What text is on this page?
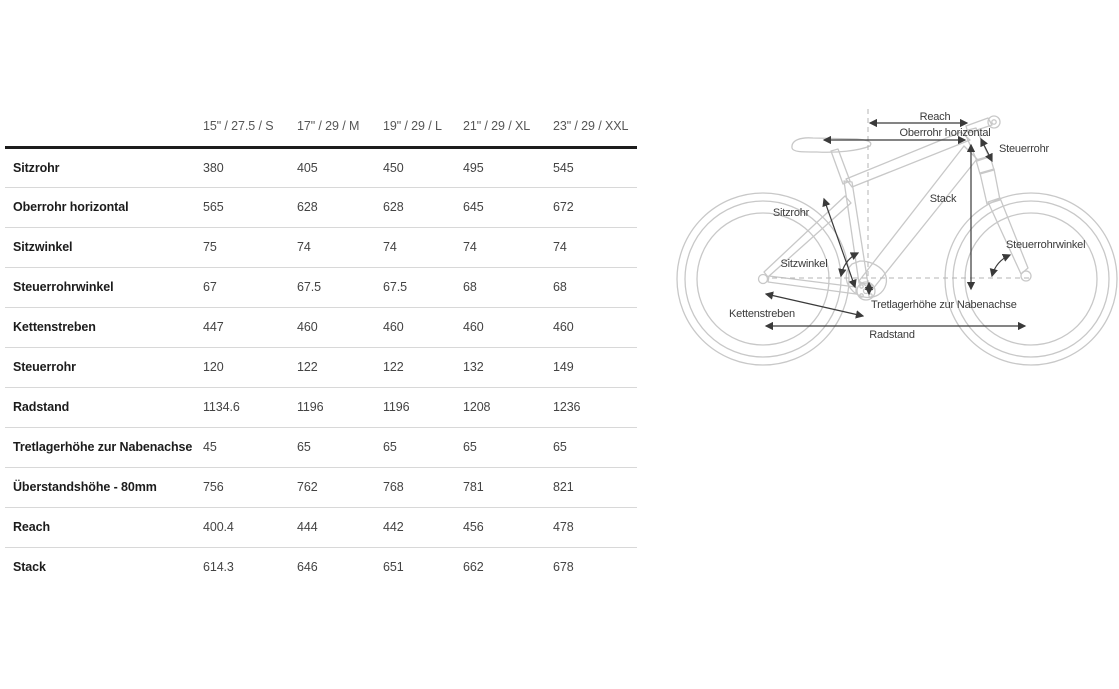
	15" / 27.5 / S	17" / 29 / M	19" / 29 / L	21" / 29 / XL	23" / 29 / XXL
Sitzrohr	380	405	450	495	545
Oberrohr horizontal	565	628	628	645	672
Sitzwinkel	75	74	74	74	74
Steuerrohrwinkel	67	67.5	67.5	68	68
Kettenstreben	447	460	460	460	460
Steuerrohr	120	122	122	132	149
Radstand	1134.6	1196	1196	1208	1236
Tretlagerhöhe zur Nabenachse	45	65	65	65	65
Überstandshöhe - 80mm	756	762	768	781	821
Reach	400.4	444	442	456	478
Stack	614.3	646	651	662	678
Reach
Oberrohr horizontal
Steuerrohr
Stack
Sitzrohr
Steuerrohrwinkel
Sitzwinkel
Tretlagerhöhe zur Nabenachse
Kettenstreben
Radstand
